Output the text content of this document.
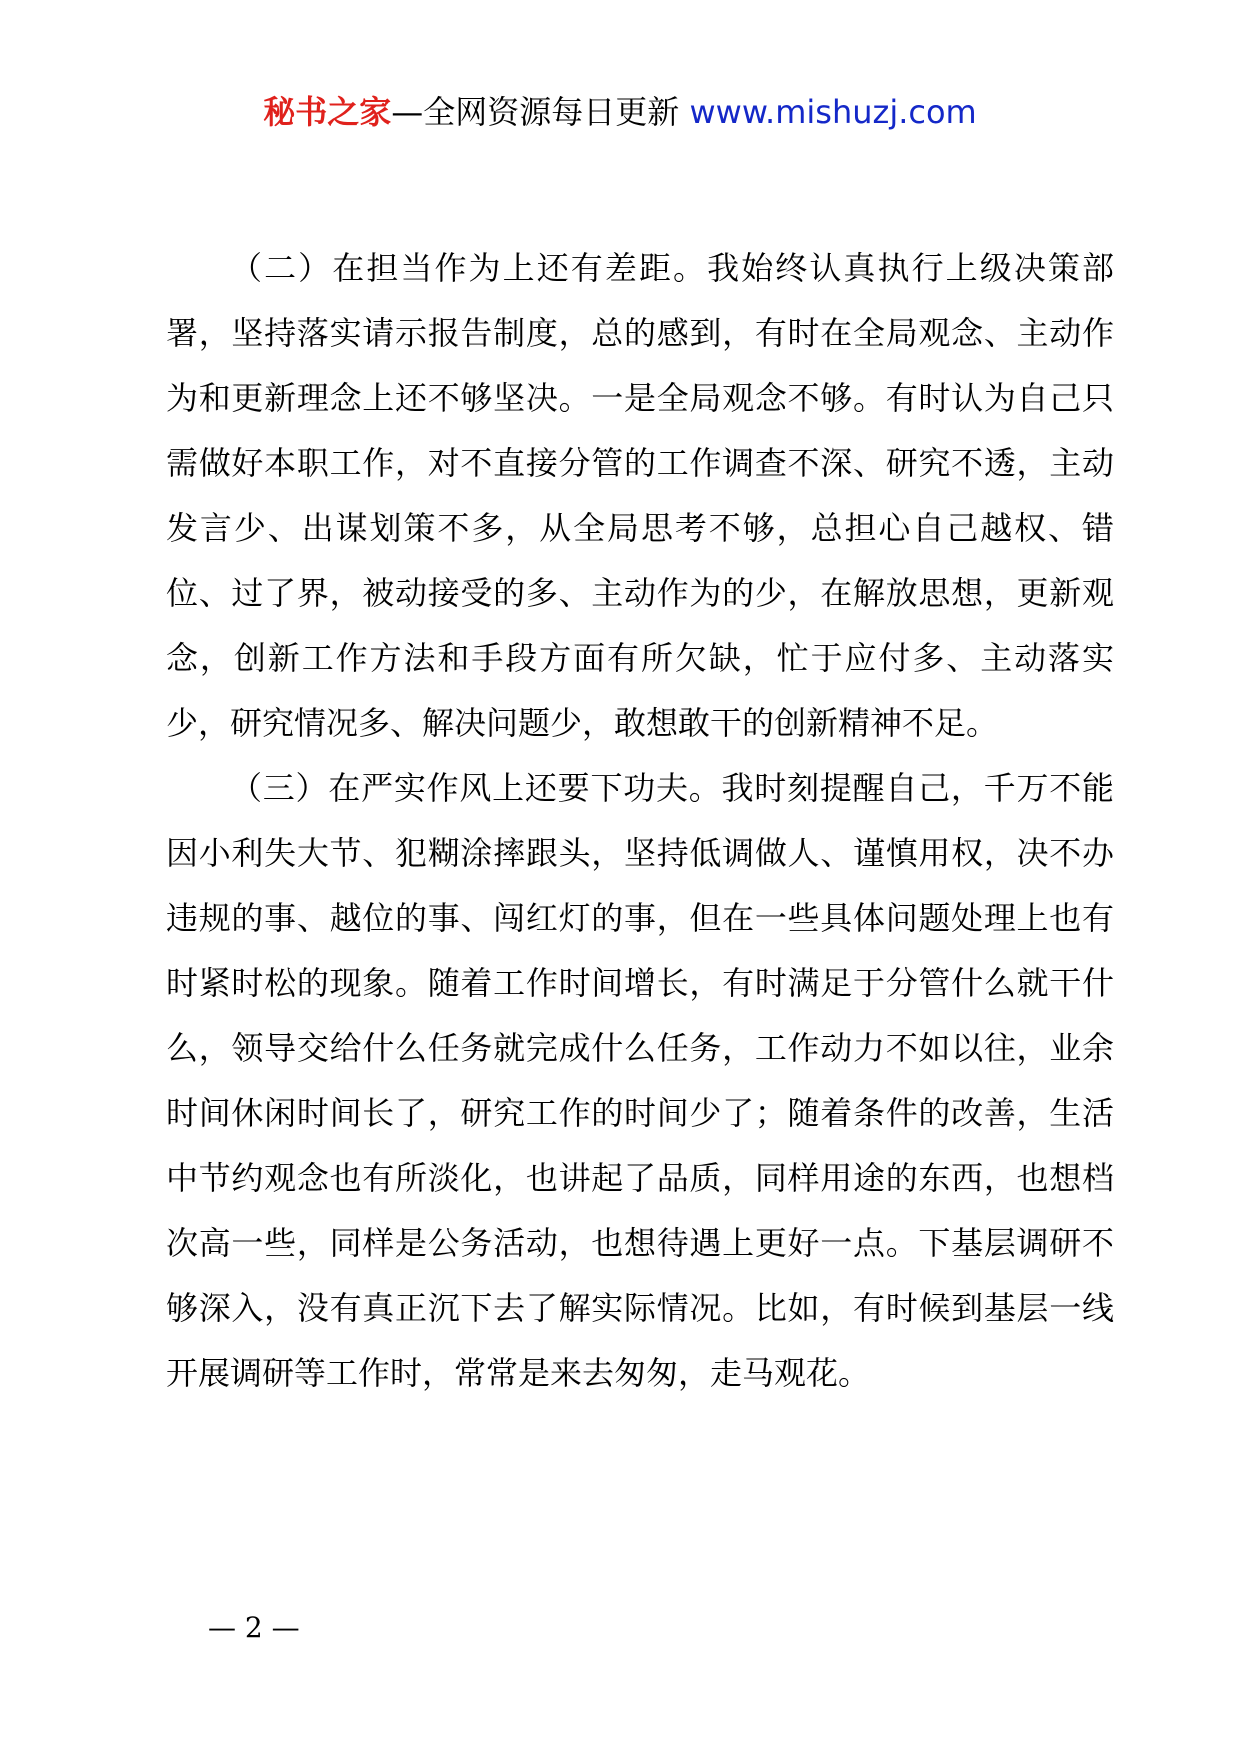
秘书之家—全网资源每日更新 www.mishuzj.com

（二）在担当作为上还有差距。我始终认真执行上级决策部署，坚持落实请示报告制度，总的感到，有时在全局观念、主动作为和更新理念上还不够坚决。一是全局观念不够。有时认为自己只需做好本职工作，对不直接分管的工作调查不深、研究不透，主动发言少、出谋划策不多，从全局思考不够，总担心自己越权、错位、过了界，被动接受的多、主动作为的少，在解放思想，更新观念，创新工作方法和手段方面有所欠缺，忙于应付多、主动落实少，研究情况多、解决问题少，敢想敢干的创新精神不足。

（三）在严实作风上还要下功夫。我时刻提醒自己，千万不能因小利失大节、犯糊涂摔跟头，坚持低调做人、谨慎用权，决不办违规的事、越位的事、闯红灯的事，但在一些具体问题处理上也有时紧时松的现象。随着工作时间增长，有时满足于分管什么就干什么，领导交给什么任务就完成什么任务，工作动力不如以往，业余时间休闲时间长了，研究工作的时间少了；随着条件的改善，生活中节约观念也有所淡化，也讲起了品质，同样用途的东西，也想档次高一些，同样是公务活动，也想待遇上更好一点。下基层调研不够深入，没有真正沉下去了解实际情况。比如，有时候到基层一线开展调研等工作时，常常是来去匆匆，走马观花。

— 2 —
